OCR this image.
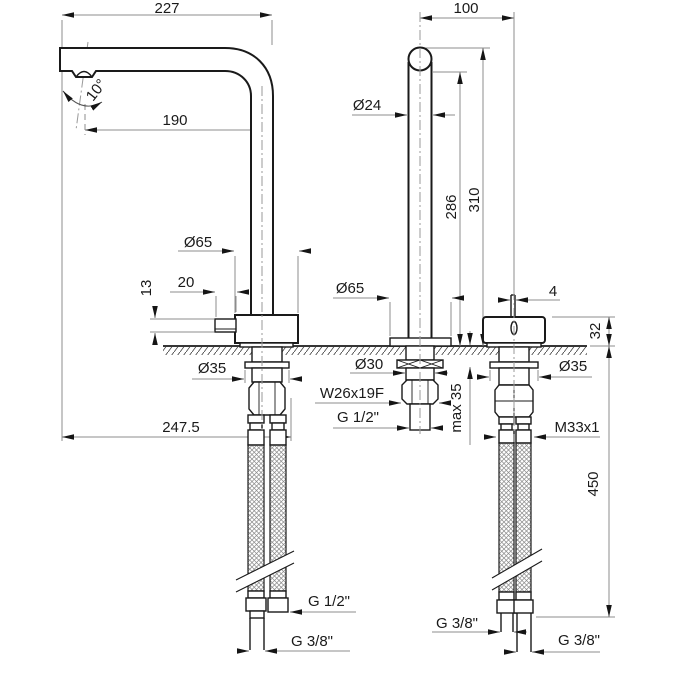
227	100
190
10°
Ø24
286 310
Ø65
13 20	Ø65	4
32
Ø35	Ø30
W26x19F	max 35
Ø35
247.5
G 1/2"
M33x1
450
G 1/2"
G 3/8"
G 3/8"
G 3/8"
